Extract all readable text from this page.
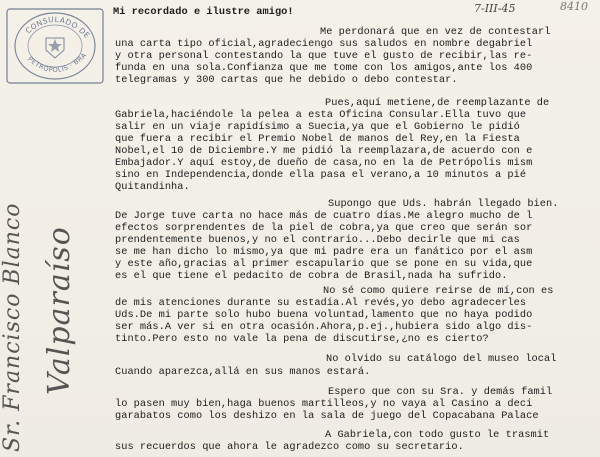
CONSULADO DE
PETROPOLIS · BRA
7-III-45	8410
Sr. Francisco Blanco Valparaíso
Mi recordado e ilustre amigo!
Me perdonará que en vez de contestarl
una carta tipo oficial,agradeciengo sus saludos en nombre degabriel
y otra personal contestando la que tuve el gusto de recibir,las re-
funda en una sola.Confianza que me tome con los amigos,ante los 400
telegramas y 300 cartas que he debido o debo contestar.
Pues,aquí metiene,de reemplazante de
Gabriela,haciéndole la pelea a esta Oficina Consular.Ella tuvo que
salir en un viaje rapidísimo a Suecia,ya que el Gobierno le pidió
que fuera a recibir el Premio Nobel de manos del Rey,en la Fiesta
Nobel,el 10 de Diciembre.Y me pidió la reemplazara,de acuerdo con e
Embajador.Y aquí estoy,de dueño de casa,no en la de Petrópolis mism
sino en Independencia,donde ella pasa el verano,a 10 minutos a pié
Quitandinha.
Supongo que Uds. habrán llegado bien.
De Jorge tuve carta no hace más de cuatro días.Me alegro mucho de l
efectos sorprendentes de la piel de cobra,ya que creo que serán sor
prendentemente buenos,y no el contrario...Debo decirle que mi cas
se me han dicho lo mismo,ya que mi padre era un fanático por el asm
y este año,gracias al primer escapulario que se pone en su vida,que
es el que tiene el pedacito de cobra de Brasil,nada ha sufrido.
No sé como quiere reirse de mí,con es
de mis atenciones durante su estadía.Al revés,yo debo agradecerles
Uds.De mi parte solo hubo buena voluntad,lamento que no haya podido
ser más.A ver si en otra ocasión.Ahora,p.ej.,hubiera sido algo dis-
tinto.Pero esto no vale la pena de discutirse,¿no es cierto?
No olvido su catálogo del museo local
Cuando aparezca,allá en sus manos estará.
Espero que con su Sra. y demás famil
lo pasen muy bien,haga buenos martilleos,y no vaya al Casino a deci
garabatos como los deshizo en la sala de juego del Copacabana Palace
A Gabriela,con todo gusto le trasmit
sus recuerdos que ahora le agradezco como su secretario.
